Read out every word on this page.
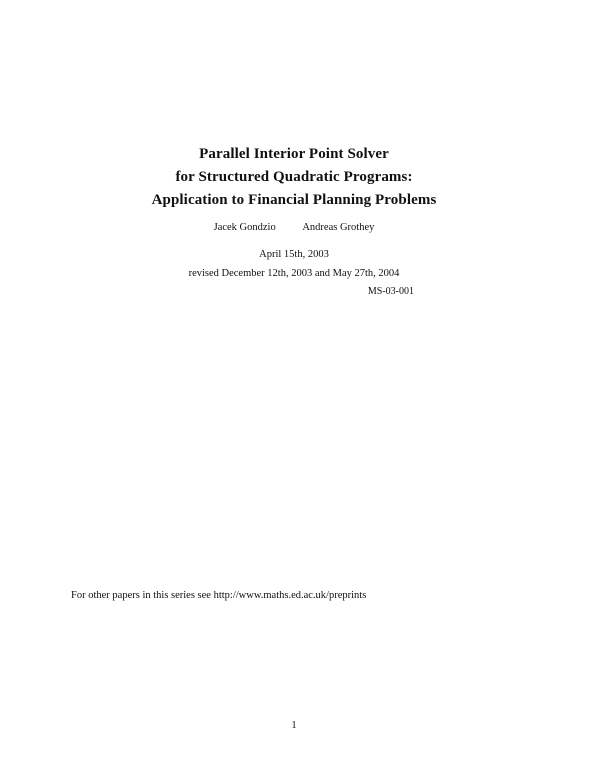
Parallel Interior Point Solver
for Structured Quadratic Programs:
Application to Financial Planning Problems
Jacek Gondzio	Andreas Grothey
April 15th, 2003
revised December 12th, 2003 and May 27th, 2004
MS-03-001
For other papers in this series see http://www.maths.ed.ac.uk/preprints
1
